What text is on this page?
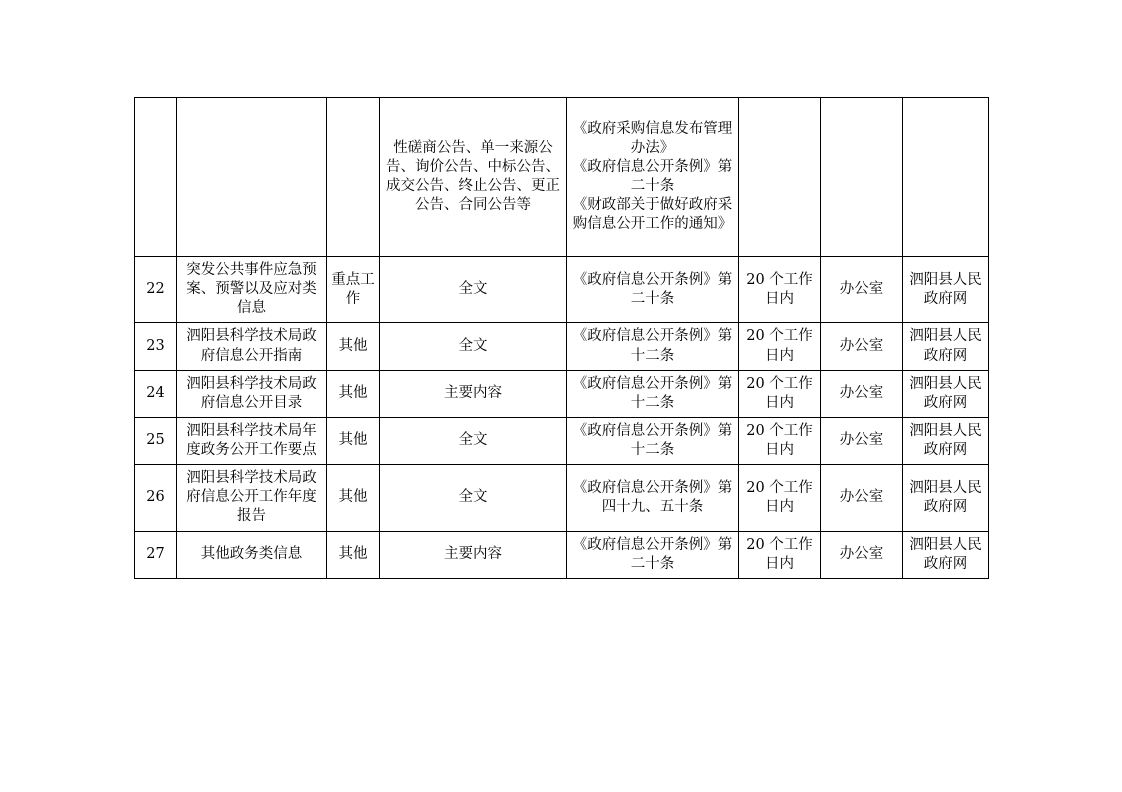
			性磋商公告、单一来源公告、询价公告、中标公告、成交公告、终止公告、更正公告、合同公告等	《政府采购信息发布管理办法》
《政府信息公开条例》第二十条
《财政部关于做好政府采购信息公开工作的通知》			
22	突发公共事件应急预案、预警以及应对类信息	重点工作	全文	《政府信息公开条例》第二十条	20 个工作日内	办公室	泗阳县人民政府网
23	泗阳县科学技术局政府信息公开指南	其他	全文	《政府信息公开条例》第十二条	20 个工作日内	办公室	泗阳县人民政府网
24	泗阳县科学技术局政府信息公开目录	其他	主要内容	《政府信息公开条例》第十二条	20 个工作日内	办公室	泗阳县人民政府网
25	泗阳县科学技术局年度政务公开工作要点	其他	全文	《政府信息公开条例》第十二条	20 个工作日内	办公室	泗阳县人民政府网
26	泗阳县科学技术局政府信息公开工作年度报告	其他	全文	《政府信息公开条例》第四十九、五十条	20 个工作日内	办公室	泗阳县人民政府网
27	其他政务类信息	其他	主要内容	《政府信息公开条例》第二十条	20 个工作日内	办公室	泗阳县人民政府网
